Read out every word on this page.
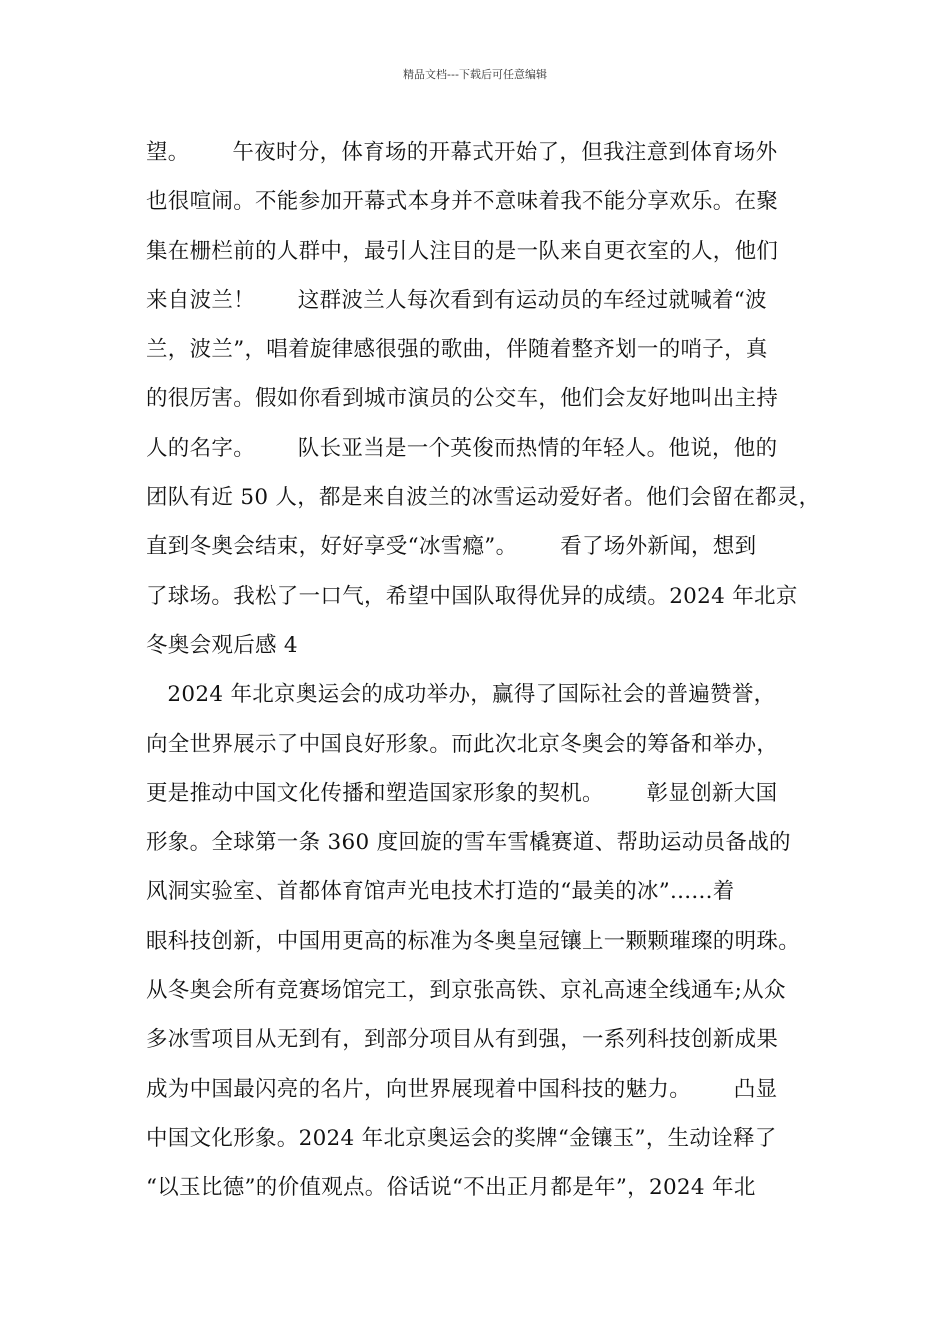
精品文档---下载后可任意编辑
望。      午夜时分，体育场的开幕式开始了，但我注意到体育场外
也很喧闹。不能参加开幕式本身并不意味着我不能分享欢乐。在聚
集在栅栏前的人群中，最引人注目的是一队来自更衣室的人，他们
来自波兰！      这群波兰人每次看到有运动员的车经过就喊着“波
兰，波兰”，唱着旋律感很强的歌曲，伴随着整齐划一的哨子，真
的很厉害。假如你看到城市演员的公交车，他们会友好地叫出主持
人的名字。      队长亚当是一个英俊而热情的年轻人。他说，他的
团队有近 50 人，都是来自波兰的冰雪运动爱好者。他们会留在都灵，
直到冬奥会结束，好好享受“冰雪瘾”。      看了场外新闻，想到
了球场。我松了一口气，希望中国队取得优异的成绩。2024 年北京
冬奥会观后感 4
2024 年北京奥运会的成功举办，赢得了国际社会的普遍赞誉，
向全世界展示了中国良好形象。而此次北京冬奥会的筹备和举办，
更是推动中国文化传播和塑造国家形象的契机。      彰显创新大国
形象。全球第一条 360 度回旋的雪车雪橇赛道、帮助运动员备战的
风洞实验室、首都体育馆声光电技术打造的“最美的冰”......着
眼科技创新，中国用更高的标准为冬奥皇冠镶上一颗颗璀璨的明珠。
从冬奥会所有竞赛场馆完工，到京张高铁、京礼高速全线通车;从众
多冰雪项目从无到有，到部分项目从有到强，一系列科技创新成果
成为中国最闪亮的名片，向世界展现着中国科技的魅力。      凸显
中国文化形象。2024 年北京奥运会的奖牌“金镶玉”，生动诠释了
“以玉比德”的价值观点。俗话说“不出正月都是年”，2024 年北
